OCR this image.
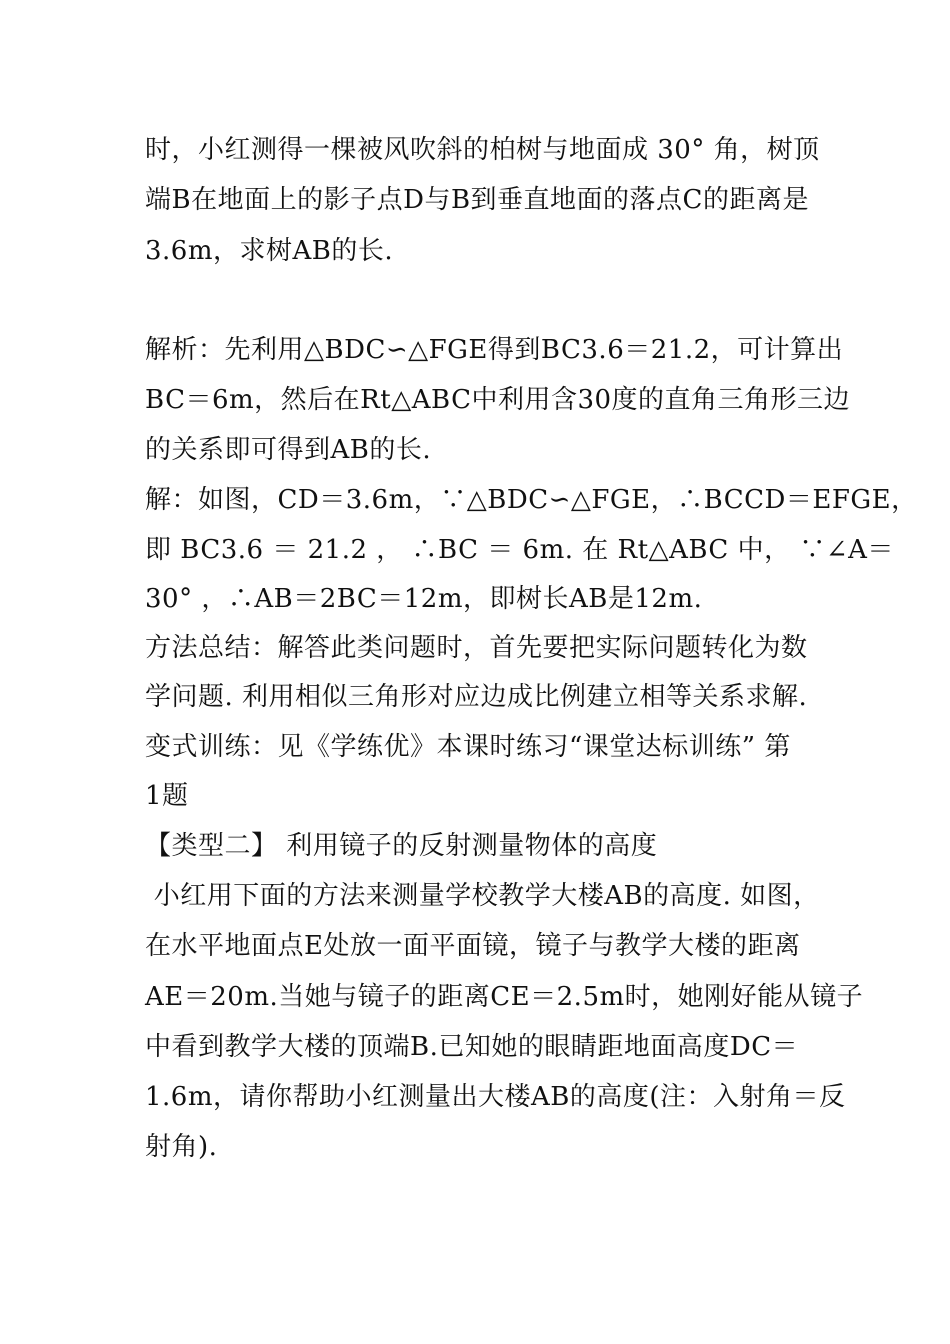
时，小红测得一棵被风吹斜的柏树与地面成 30° 角，树顶
端B在地面上的影子点D与B到垂直地面的落点C的距离是
3.6m，求树AB的长.
解析：先利用△BDC∽△FGE得到BC3.6＝21.2，可计算出
BC＝6m，然后在Rt△ABC中利用含30度的直角三角形三边
的关系即可得到AB的长.
解：如图，CD＝3.6m，∵△BDC∽△FGE，∴BCCD＝EFGE，
即 BC3.6 ＝ 21.2 ， ∴BC ＝ 6m. 在 Rt△ABC 中， ∵∠A＝
30° ，∴AB＝2BC＝12m，即树长AB是12m.
方法总结：解答此类问题时，首先要把实际问题转化为数
学问题. 利用相似三角形对应边成比例建立相等关系求解.
变式训练：见《学练优》本课时练习“课堂达标训练” 第
1题
【类型二】 利用镜子的反射测量物体的高度
小红用下面的方法来测量学校教学大楼AB的高度. 如图，
在水平地面点E处放一面平面镜，镜子与教学大楼的距离
AE＝20m.当她与镜子的距离CE＝2.5m时，她刚好能从镜子
中看到教学大楼的顶端B.已知她的眼睛距地面高度DC＝
1.6m，请你帮助小红测量出大楼AB的高度(注：入射角＝反
射角).
